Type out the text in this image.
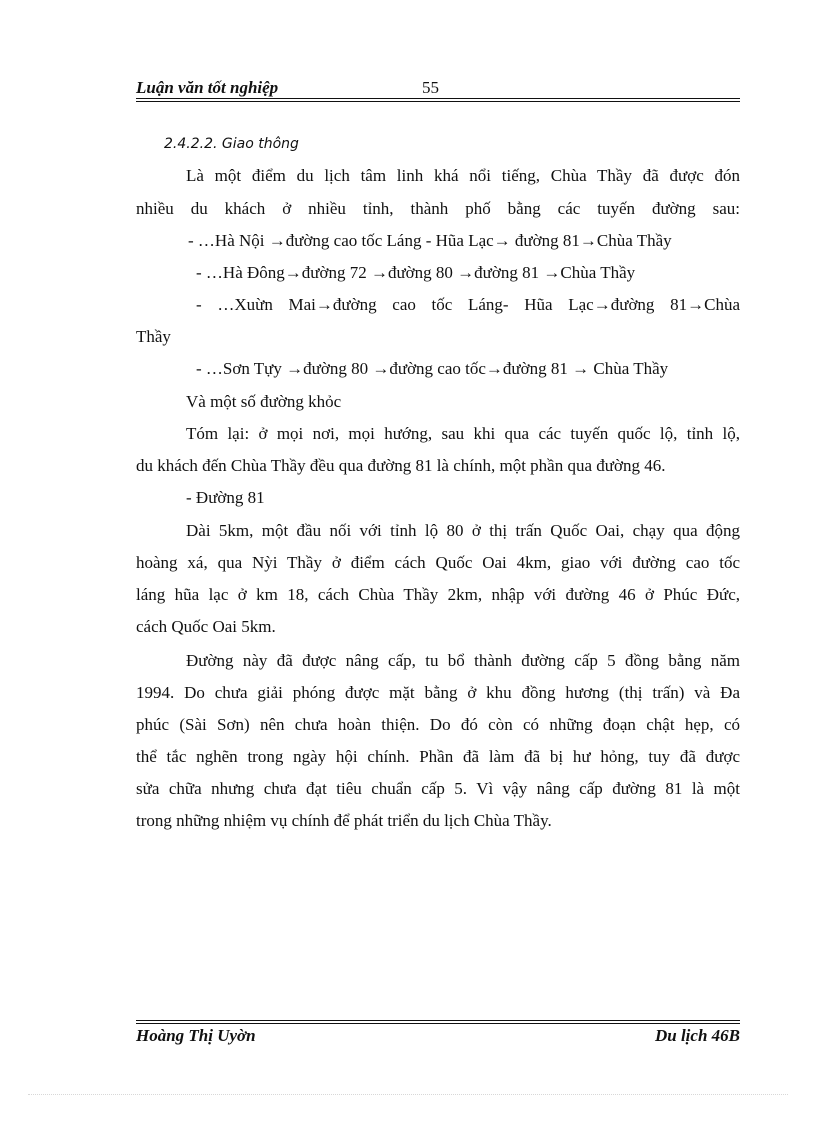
Luận văn tốt nghiệp	55
2.4.2.2. Giao thông
Là một điểm du lịch tâm linh khá nổi tiếng, Chùa Thầy đã được đón
nhiều du khách ở nhiều tỉnh, thành phố bằng các tuyến đường sau:
- …Hà Nội →đường cao tốc Láng - Hũa Lạc→ đường 81→Chùa Thầy
- …Hà Đông→đường 72 →đường 80 →đường 81 →Chùa Thầy
- …Xuừn Mai→đường cao tốc Láng- Hũa Lạc→đường 81→Chùa
Thầy
- …Sơn Tựy →đường 80 →đường cao tốc→đường 81 → Chùa Thầy
Và một số đường khỏc
Tóm lại: ở mọi nơi, mọi hướng, sau khi qua các tuyến quốc lộ, tỉnh lộ,
du khách đến Chùa Thầy đều qua đường 81 là chính, một phần qua đường 46.
- Đường 81
Dài 5km, một đầu nối với tỉnh lộ 80 ở thị trấn Quốc Oai, chạy qua động
hoàng xá, qua Nỳi Thầy ở điểm cách Quốc Oai 4km, giao với đường cao tốc
láng hũa lạc ở km 18, cách Chùa Thầy 2km, nhập với đường 46 ở Phúc Đức,
cách Quốc Oai 5km.
Đường này đã được nâng cấp, tu bổ thành đường cấp 5 đồng bằng năm
1994. Do chưa giải phóng được mặt bằng ở khu đồng hương (thị trấn) và Đa
phúc (Sài Sơn) nên chưa hoàn thiện. Do đó còn có những đoạn chật hẹp, có
thể tắc nghẽn trong ngày hội chính. Phần đã làm đã bị hư hỏng, tuy đã được
sửa chữa nhưng chưa đạt tiêu chuẩn cấp 5. Vì vậy nâng cấp đường 81 là một
trong những nhiệm vụ chính để phát triển du lịch Chùa Thầy.
Hoàng Thị Uyờn	Du lịch 46B
